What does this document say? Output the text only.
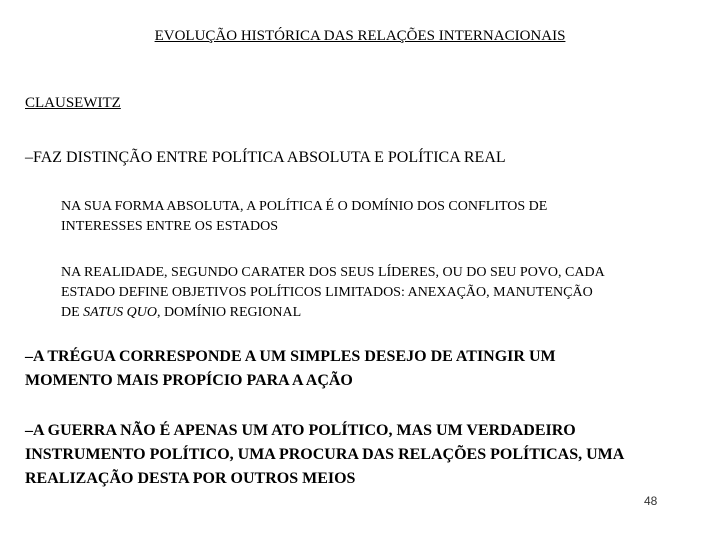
EVOLUÇÃO HISTÓRICA DAS RELAÇÕES INTERNACIONAIS
CLAUSEWITZ
–FAZ DISTINÇÃO ENTRE POLÍTICA ABSOLUTA E POLÍTICA REAL
NA SUA FORMA ABSOLUTA, A POLÍTICA É O DOMÍNIO DOS CONFLITOS DE
INTERESSES ENTRE OS ESTADOS
NA REALIDADE, SEGUNDO CARATER DOS SEUS LÍDERES, OU DO SEU POVO, CADA
ESTADO DEFINE OBJETIVOS POLÍTICOS LIMITADOS: ANEXAÇÃO, MANUTENÇÃO
DE SATUS QUO, DOMÍNIO REGIONAL
–A TRÉGUA CORRESPONDE A UM SIMPLES DESEJO DE ATINGIR UM
MOMENTO MAIS PROPÍCIO PARA A AÇÃO
–A GUERRA NÃO É APENAS UM ATO POLÍTICO, MAS UM VERDADEIRO
INSTRUMENTO POLÍTICO, UMA PROCURA DAS RELAÇÕES POLÍTICAS, UMA
REALIZAÇÃO DESTA POR OUTROS MEIOS
48
